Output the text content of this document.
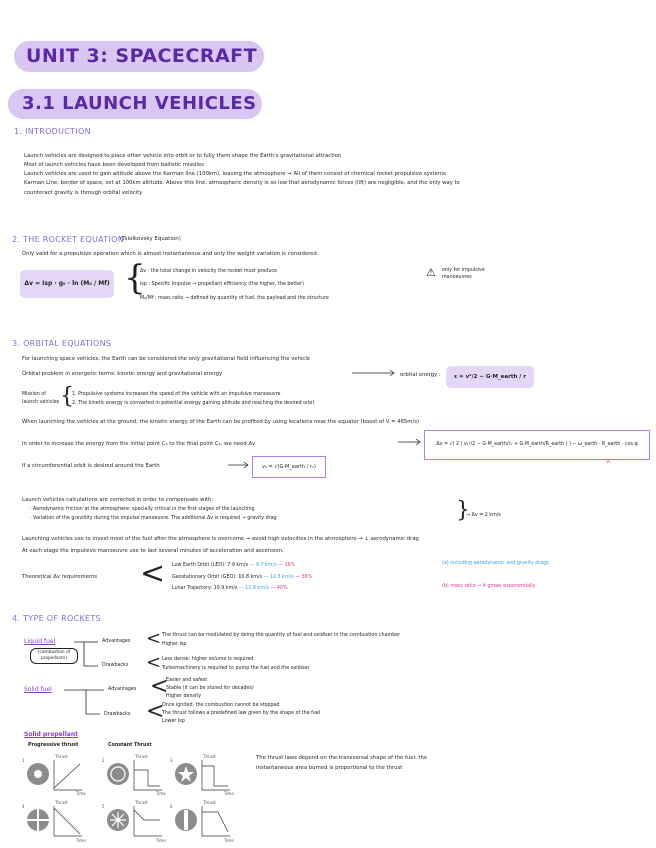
UNIT 3: SPACECRAFT
3.1 LAUNCH VEHICLES
1. INTRODUCTION
Launch vehicles are designed to place other vehicle into orbit or to fully them shape the Earth's gravitational attraction
Most of launch vehicles have been developed from ballistic missiles
Launch vehicles are used to gain altitude above the Karman line (100km), leaving the atmosphere → All of them consist of chemical rocket propulsive systems
Karman Line: border of space, set at 100km altitude. Above this line, atmospheric density is so low that aerodynamic forces (lift) are negligible, and the only way to
counteract gravity is through orbital velocity
2. THE ROCKET EQUATION
(Tsiolkovsky Equation)
Only valid for a propulsive operation which is almost instantaneous and only the weight variation is considered.
Δv = Isp · g₀ · ln (M₀ / Mf) {
Δv : the total change in velocity the rocket must produce
Isp : Specific Impulse → propellant efficiency (the higher, the better)
M₀/Mf : mass ratio → defined by quantity of fuel, the payload and the structure
⚠ only for impulsive manoeuvres
3. ORBITAL EQUATIONS
For launching space vehicles, the Earth can be considered the only gravitational field influencing the vehicle
Orbital problem in energetic terms: kinetic energy and gravitational energy	orbital energy :	ε = v²/2 − G·M_earth / r
Mission of launch vehicles {
1. Propulsive systems increases the speed of the vehicle with an impulsive manoeuvre
2. The kinetic energy is converted in potential energy gaining altitude and reaching the desired orbit
When launching the vehicles at the ground, the kinetic energy of the Earth can be profited by using locations near the equator (boost of V = 465m/s)
In order to increase the energy from the initial point C₀ to the final point C₁, we need Δv	Δv = √( 2 ( v₁²/2 − G·M_earth/r₁ + G·M_earth/R_earth ) ) − ω_earth · R_earth · cos φ
V₀
If a circumferential orbit is desired around the Earth	v₁ = √(G·M_earth / r₁)
Launch vehicles calculations are corrected in order to compensate with:
· Aerodynamic friction at the atmosphere: specially critical in the first stages of the launching
· Variation of the gravidity during the impulse manoeuvre. The additional Δv is required → gravity drag	}
→ Δv = 2 km/s
Launching vehicles use to invest most of the fuel after the atmosphere is overcome → avoid high velocities in the atmosphere → ↓ aerodynamic drag
At each stage the impulsive manoeuvre use to last several minutes of acceleration and ascension.
Theoretical Δv requirements < Low Earth Orbit (LEO): 7·9 km/s — 9·7 km/s — 16%
Geostationary Orbit (GEO): 10·8 km/s — 12·5 km/s — 36%
Lunar Trajectory: 10·9 km/s — 12·9 km/s — 40%
(a) including aerodynamic and gravity drags
(b) mass ratio → it grows exponentially
4. TYPE OF ROCKETS
Liquid fuel
(combustion of propellants)
Advantages < The thrust can be modulated by doing the quantity of fuel and oxidiser in the combustion chamber
Higher Isp
Drawbacks < Less dense: higher volume is required
Turbomachinery is required to pump the fuel and the oxidiser
Solid fuel	Advantages <
Easier and safest
Stable (it can be stored for decades)
Higher density
Drawbacks <
Once ignited, the combustion cannot be stopped
The thrust follows a predefined law given by the shape of the fuel
Lower Isp
Solid propellant
Progressive thrust	Constant Thrust
1
Thrust
Time
2
Thrust
Time
3
Thrust
Time
4
Thrust
Time
5
Thrust
Time
6
Thrust
Time
The thrust laws depend on the transversal shape of the fuel: the
instantaneous area burned is proportional to the thrust
